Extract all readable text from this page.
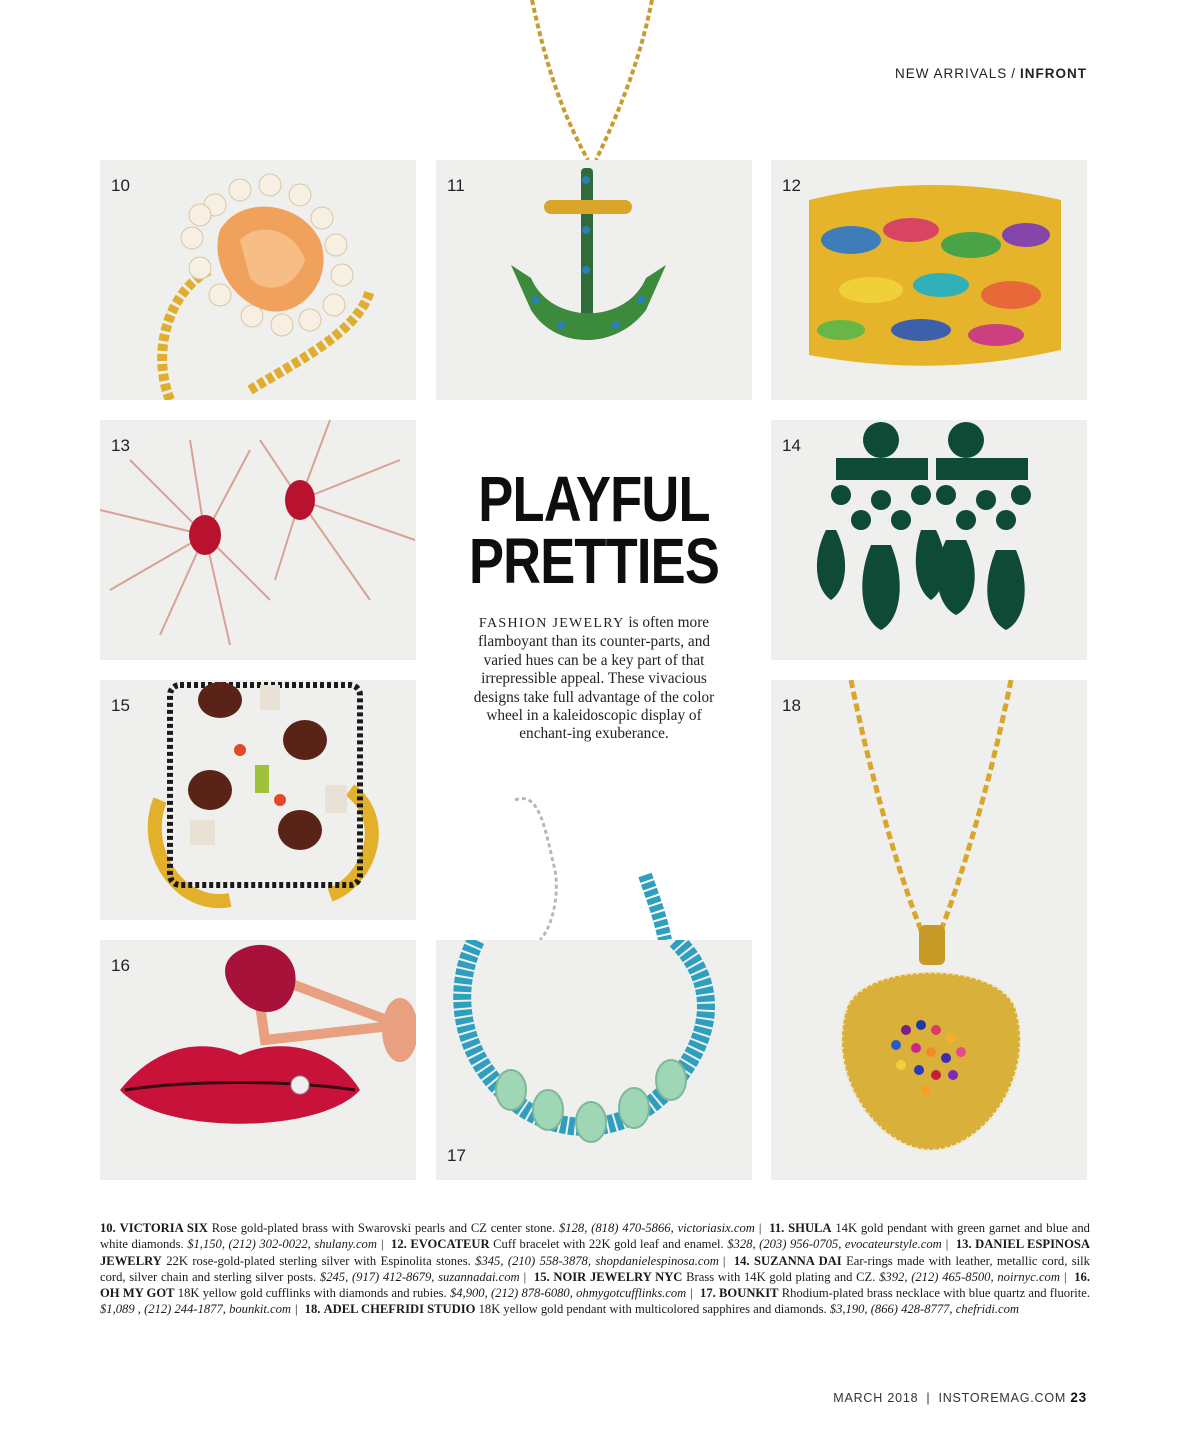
NEW ARRIVALS / INFRONT
10	11	12
13	14
15	18
16
17
PLAYFUL
PRETTIES

FASHION JEWELRY is often more flamboyant than its counter-parts, and varied hues can be a key part of that irrepressible appeal. These vivacious designs take full advantage of the color wheel in a kaleidoscopic display of enchant-ing exuberance.

10. VICTORIA SIX Rose gold-plated brass with Swarovski pearls and CZ center stone. $128, (818) 470-5866, victoriasix.com | 11. SHULA 14K gold pendant with green garnet and blue and white diamonds. $1,150, (212) 302-0022, shulany.com | 12. EVOCATEUR Cuff bracelet with 22K gold leaf and enamel. $328, (203) 956-0705, evocateurstyle.com | 13. DANIEL ESPINOSA JEWELRY 22K rose-gold-plated sterling silver with Espinolita stones. $345, (210) 558-3878, shopdanielespinosa.com | 14. SUZANNA DAI Ear-rings made with leather, metallic cord, silk cord, silver chain and sterling silver posts. $245, (917) 412-8679, suzannadai.com | 15. NOIR JEWELRY NYC Brass with 14K gold plating and CZ. $392, (212) 465-8500, noirnyc.com | 16. OH MY GOT 18K yellow gold cufflinks with diamonds and rubies. $4,900, (212) 878-6080, ohmygotcufflinks.com | 17. BOUNKIT Rhodium-plated brass necklace with blue quartz and fluorite. $1,089 , (212) 244-1877, bounkit.com | 18. ADEL CHEFRIDI STUDIO 18K yellow gold pendant with multicolored sapphires and diamonds. $3,190, (866) 428-8777, chefridi.com

MARCH 2018 | INSTOREMAG.COM 23
